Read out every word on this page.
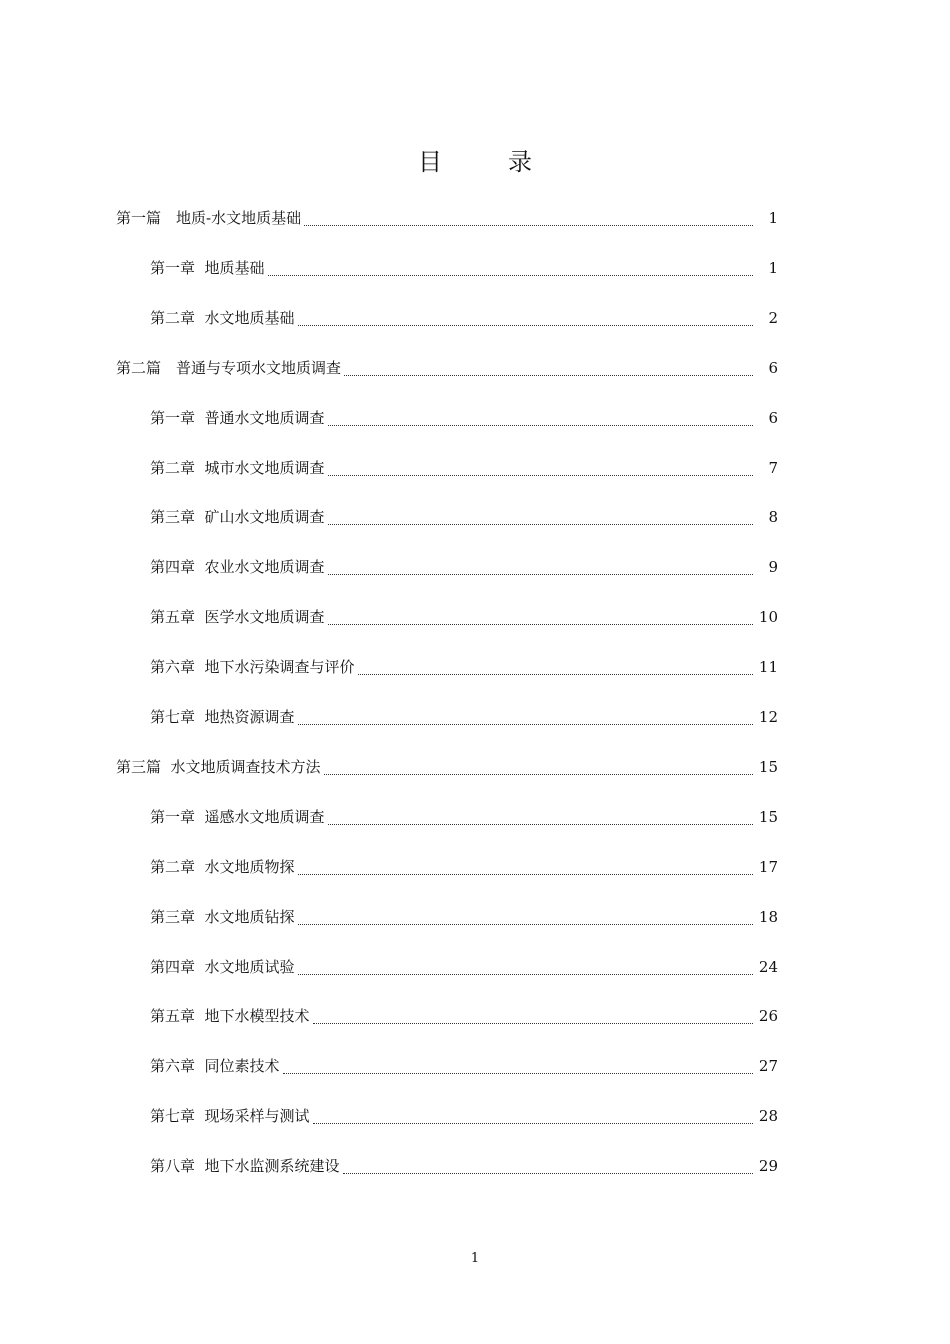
目	录
第一篇　地质-水文地质基础	1
第一章  地质基础	1
第二章  水文地质基础	2
第二篇　普通与专项水文地质调查	6
第一章  普通水文地质调查	6
第二章  城市水文地质调查	7
第三章  矿山水文地质调查	8
第四章  农业水文地质调查	9
第五章  医学水文地质调查	10
第六章  地下水污染调查与评价	11
第七章  地热资源调查	12
第三篇  水文地质调查技术方法	15
第一章  遥感水文地质调查	15
第二章  水文地质物探	17
第三章  水文地质钻探	18
第四章  水文地质试验	24
第五章  地下水模型技术	26
第六章  同位素技术	27
第七章  现场采样与测试	28
第八章  地下水监测系统建设	29
1
